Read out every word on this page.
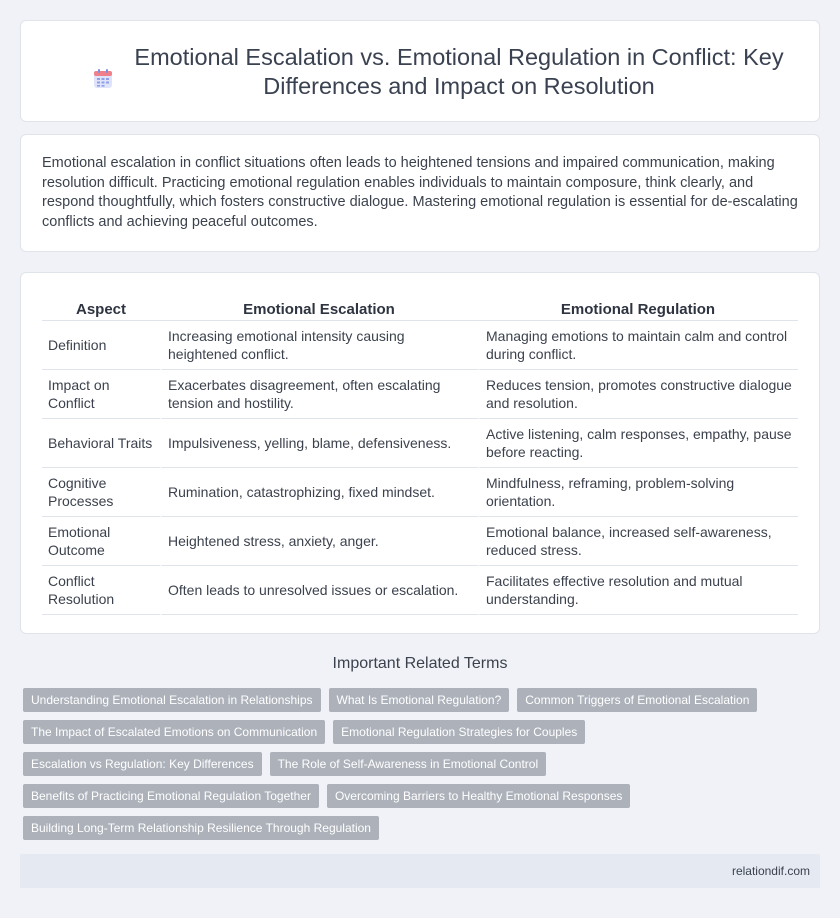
Emotional Escalation vs. Emotional Regulation in Conflict: Key Differences and Impact on Resolution

Emotional escalation in conflict situations often leads to heightened tensions and impaired communication, making resolution difficult. Practicing emotional regulation enables individuals to maintain composure, think clearly, and respond thoughtfully, which fosters constructive dialogue. Mastering emotional regulation is essential for de-escalating conflicts and achieving peaceful outcomes.

Aspect	Emotional Escalation	Emotional Regulation
Definition	Increasing emotional intensity causing heightened conflict.	Managing emotions to maintain calm and control during conflict.
Impact on Conflict	Exacerbates disagreement, often escalating tension and hostility.	Reduces tension, promotes constructive dialogue and resolution.
Behavioral Traits	Impulsiveness, yelling, blame, defensiveness.	Active listening, calm responses, empathy, pause before reacting.
Cognitive Processes	Rumination, catastrophizing, fixed mindset.	Mindfulness, reframing, problem-solving orientation.
Emotional Outcome	Heightened stress, anxiety, anger.	Emotional balance, increased self-awareness, reduced stress.
Conflict Resolution	Often leads to unresolved issues or escalation.	Facilitates effective resolution and mutual understanding.
Important Related Terms
Understanding Emotional Escalation in Relationships	What Is Emotional Regulation?	Common Triggers of Emotional Escalation
The Impact of Escalated Emotions on Communication	Emotional Regulation Strategies for Couples
Escalation vs Regulation: Key Differences	The Role of Self-Awareness in Emotional Control
Benefits of Practicing Emotional Regulation Together	Overcoming Barriers to Healthy Emotional Responses
Building Long-Term Relationship Resilience Through Regulation
relationdif.com
